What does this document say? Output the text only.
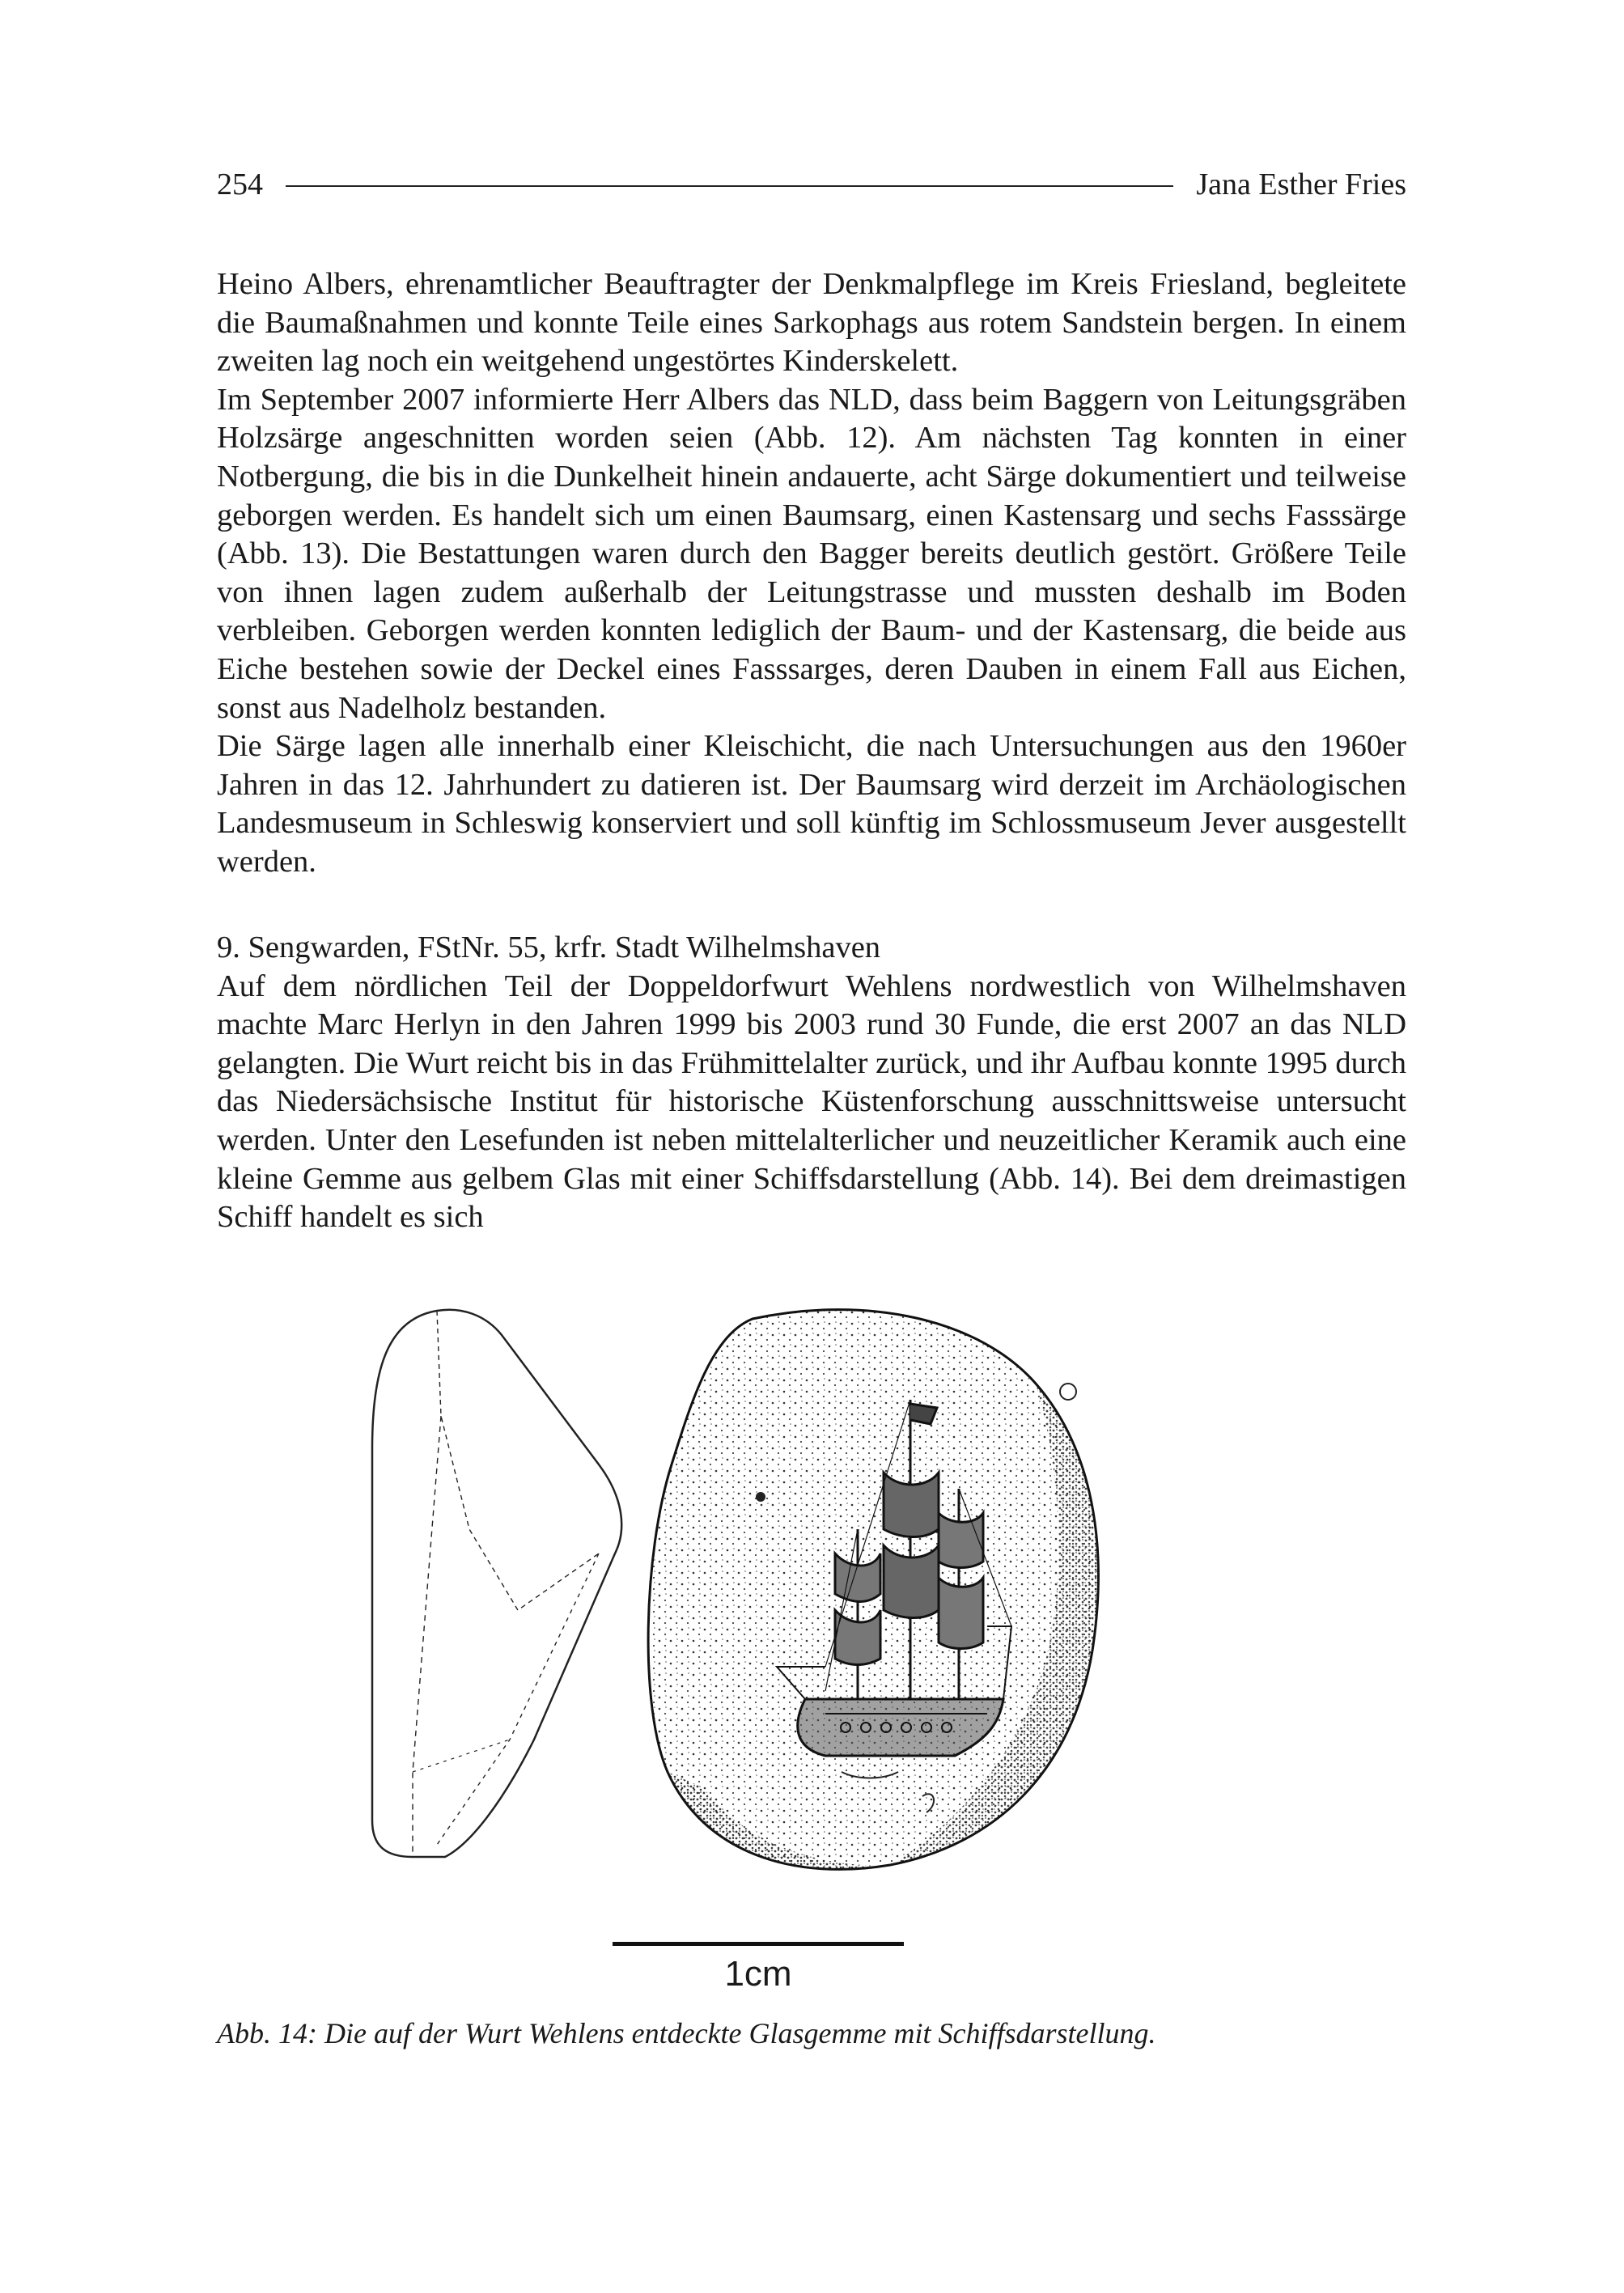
254	Jana Esther Fries

Heino Albers, ehrenamtlicher Beauftragter der Denkmalpflege im Kreis Friesland, begleitete die Baumaßnahmen und konnte Teile eines Sarkophags aus rotem Sandstein bergen. In einem zweiten lag noch ein weitgehend ungestörtes Kinderskelett.

Im September 2007 informierte Herr Albers das NLD, dass beim Baggern von Leitungsgräben Holzsärge angeschnitten worden seien (Abb. 12). Am nächsten Tag konnten in einer Notbergung, die bis in die Dunkelheit hinein andauerte, acht Särge dokumentiert und teilweise geborgen werden. Es handelt sich um einen Baumsarg, einen Kastensarg und sechs Fasssärge (Abb. 13). Die Bestattungen waren durch den Bagger bereits deutlich gestört. Größere Teile von ihnen lagen zudem außerhalb der Leitungstrasse und mussten deshalb im Boden verbleiben. Geborgen werden konnten lediglich der Baum- und der Kastensarg, die beide aus Eiche bestehen sowie der Deckel eines Fasssarges, deren Dauben in einem Fall aus Eichen, sonst aus Nadelholz bestanden.

Die Särge lagen alle innerhalb einer Kleischicht, die nach Untersuchungen aus den 1960er Jahren in das 12. Jahrhundert zu datieren ist. Der Baumsarg wird derzeit im Archäologischen Landesmuseum in Schleswig konserviert und soll künftig im Schlossmuseum Jever ausgestellt werden.

9. Sengwarden, FStNr. 55, krfr. Stadt Wilhelmshaven

Auf dem nördlichen Teil der Doppeldorfwurt Wehlens nordwestlich von Wilhelmshaven machte Marc Herlyn in den Jahren 1999 bis 2003 rund 30 Funde, die erst 2007 an das NLD gelangten. Die Wurt reicht bis in das Frühmittelalter zurück, und ihr Aufbau konnte 1995 durch das Niedersächsische Institut für historische Küstenforschung ausschnittsweise untersucht werden. Unter den Lesefunden ist neben mittelalterlicher und neuzeitlicher Keramik auch eine kleine Gemme aus gelbem Glas mit einer Schiffsdarstellung (Abb. 14). Bei dem dreimastigen Schiff handelt es sich

1cm
Abb. 14: Die auf der Wurt Wehlens entdeckte Glasgemme mit Schiffsdarstellung.
